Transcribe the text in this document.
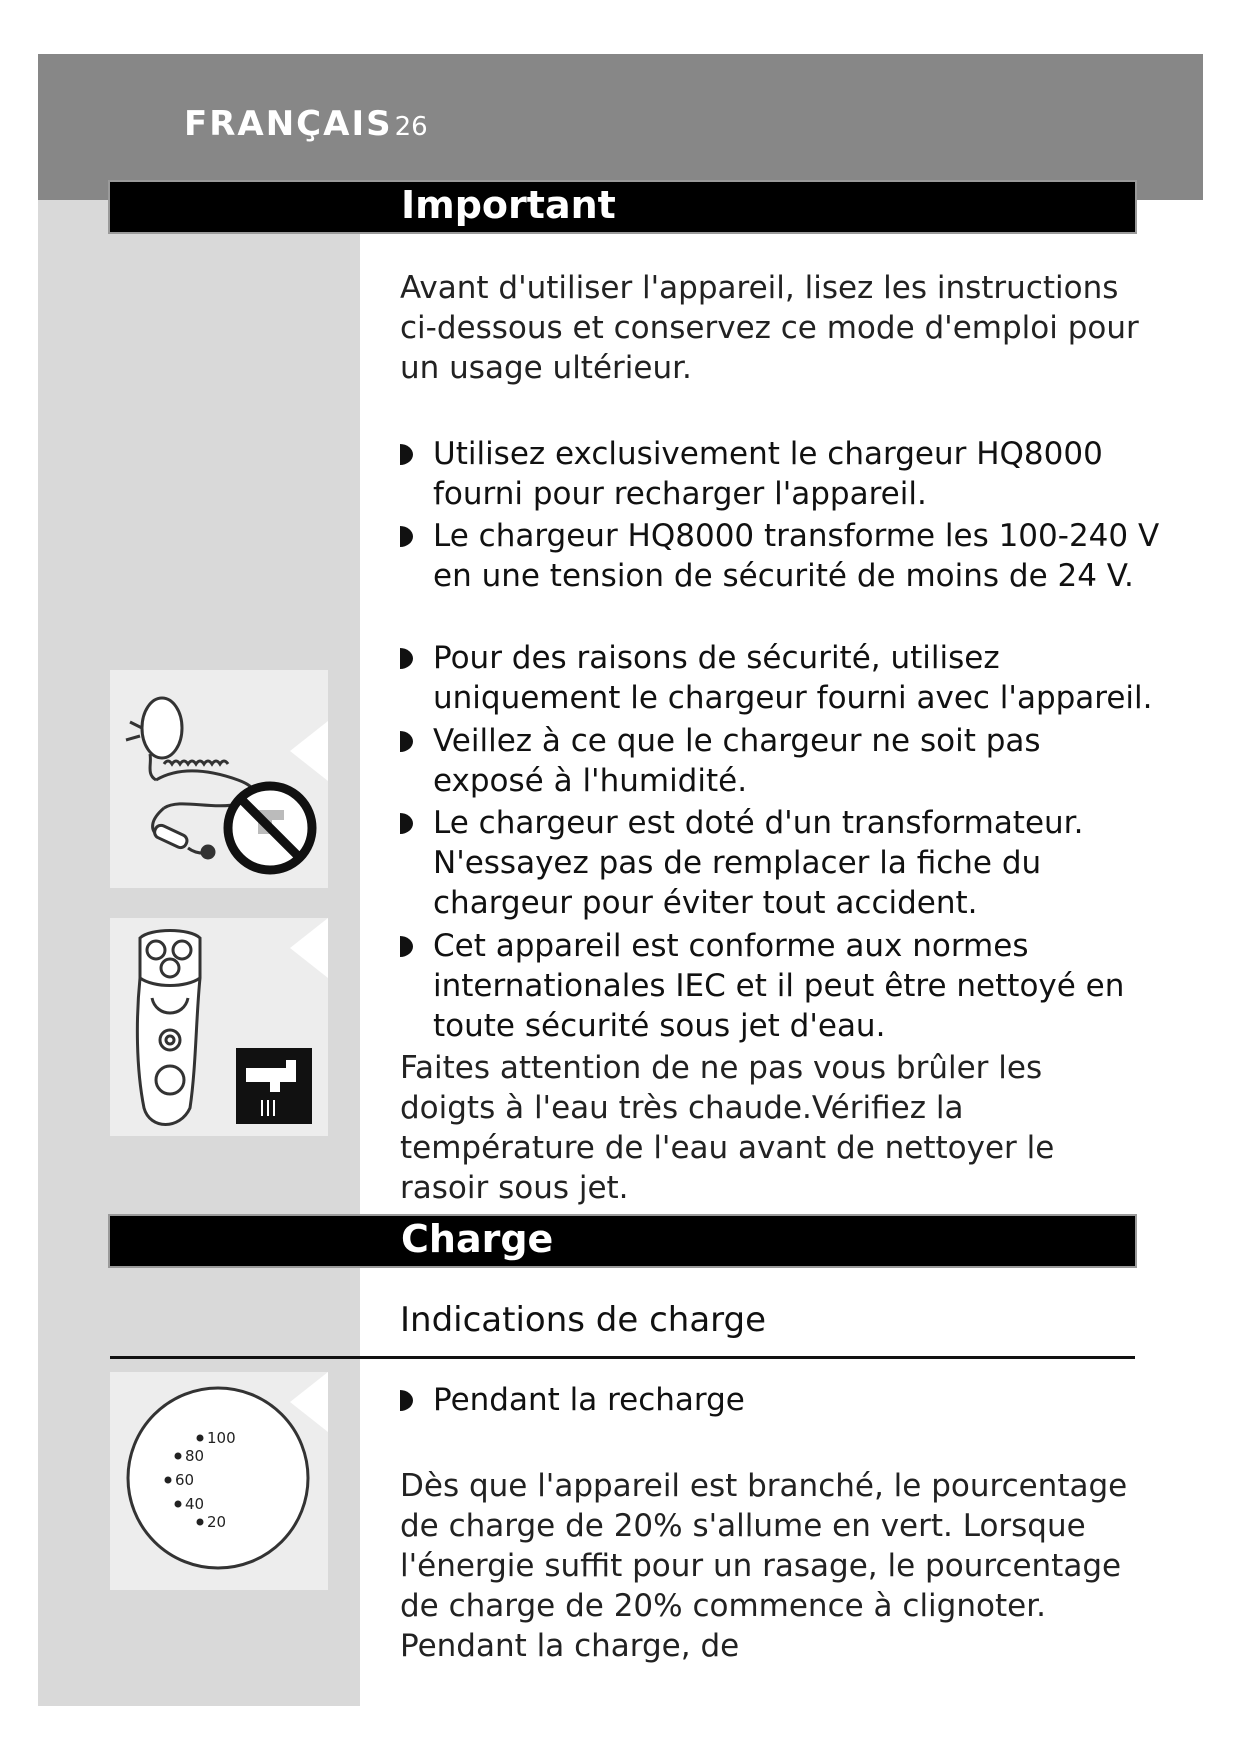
FRANÇAIS26
Important
Avant d'utiliser l'appareil, lisez les instructions ci-dessous et conservez ce mode d'emploi pour un usage ultérieur.
Utilisez exclusivement le chargeur HQ8000 fourni pour recharger l'appareil.
Le chargeur HQ8000 transforme les 100-240 V en une tension de sécurité de moins de 24 V.
Pour des raisons de sécurité, utilisez uniquement le chargeur fourni avec l'appareil.
Veillez à ce que le chargeur ne soit pas exposé à l'humidité.
Le chargeur est doté d'un transformateur. N'essayez pas de remplacer la fiche du chargeur pour éviter tout accident.
Cet appareil est conforme aux normes internationales IEC et il peut être nettoyé en toute sécurité sous jet d'eau.
Faites attention de ne pas vous brûler les doigts à l'eau très chaude.Vérifiez la température de l'eau avant de nettoyer le rasoir sous jet.
Charge
Indications de charge
Pendant la recharge
Dès que l'appareil est branché, le pourcentage de charge de 20% s'allume en vert. Lorsque l'énergie suffit pour un rasage, le pourcentage de charge de 20% commence à clignoter. Pendant la charge, de
100
80
60
40
20
